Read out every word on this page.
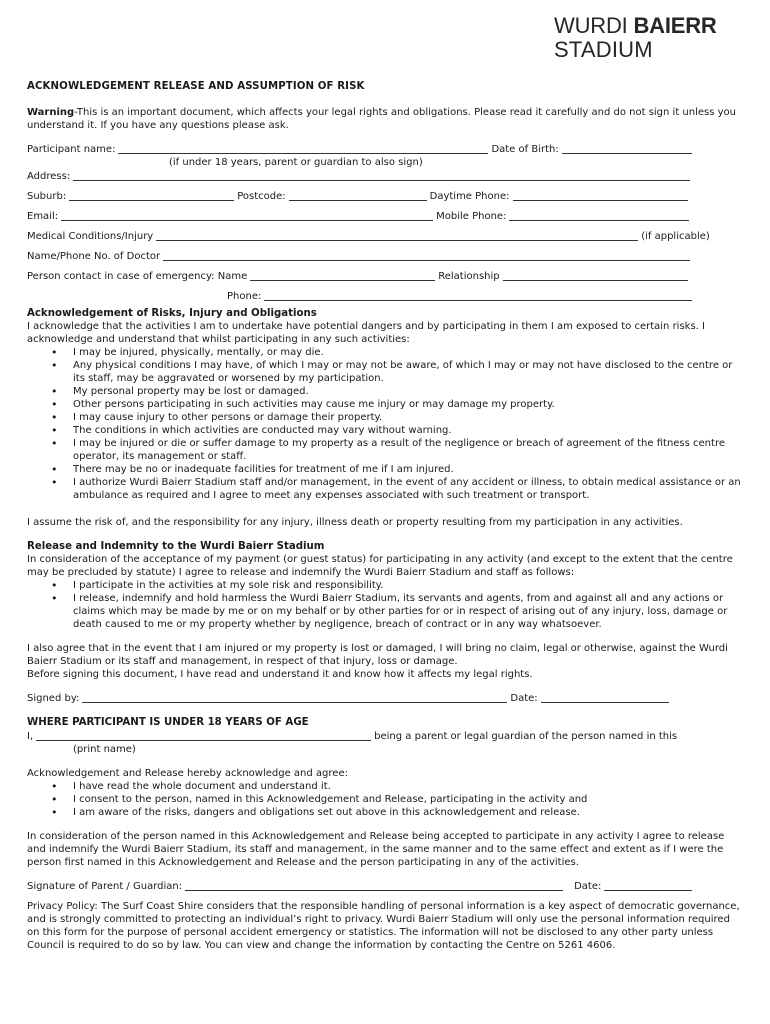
WURDI BAIERR
STADIUM
ACKNOWLEDGEMENT RELEASE AND ASSUMPTION OF RISK

Warning-This is an important document, which affects your legal rights and obligations. Please read it carefully and do not sign it unless you understand it. If you have any questions please ask.

Participant name:	Date of Birth:
(if under 18 years, parent or guardian to also sign)
Address:
Suburb:	Postcode:	Daytime Phone:
Email:	Mobile Phone:
Medical Conditions/Injury	(if applicable)
Name/Phone No. of Doctor
Person contact in case of emergency: Name	Relationship
Phone:
Acknowledgement of Risks, Injury and Obligations

I acknowledge that the activities I am to undertake have potential dangers and by participating in them I am exposed to certain risks. I acknowledge and understand that whilst participating in any such activities:

• I may be injured, physically, mentally, or may die.
• Any physical conditions I may have, of which I may or may not be aware, of which I may or may not have disclosed to the centre or its staff, may be aggravated or worsened by my participation.
• My personal property may be lost or damaged.
• Other persons participating in such activities may cause me injury or may damage my property.
• I may cause injury to other persons or damage their property.
• The conditions in which activities are conducted may vary without warning.
• I may be injured or die or suffer damage to my property as a result of the negligence or breach of agreement of the fitness centre operator, its management or staff.
• There may be no or inadequate facilities for treatment of me if I am injured.
• I authorize Wurdi Baierr Stadium staff and/or management, in the event of any accident or illness, to obtain medical assistance or an ambulance as required and I agree to meet any expenses associated with such treatment or transport.

I assume the risk of, and the responsibility for any injury, illness death or property resulting from my participation in any activities.

Release and Indemnity to the Wurdi Baierr Stadium

In consideration of the acceptance of my payment (or guest status) for participating in any activity (and except to the extent that the centre may be precluded by statute) I agree to release and indemnify the Wurdi Baierr Stadium and staff as follows:

• I participate in the activities at my sole risk and responsibility.
• I release, indemnify and hold harmless the Wurdi Baierr Stadium, its servants and agents, from and against all and any actions or claims which may be made by me or on my behalf or by other parties for or in respect of arising out of any injury, loss, damage or death caused to me or my property whether by negligence, breach of contract or in any way whatsoever.

I also agree that in the event that I am injured or my property is lost or damaged, I will bring no claim, legal or otherwise, against the Wurdi Baierr Stadium or its staff and management, in respect of that injury, loss or damage.

Before signing this document, I have read and understand it and know how it affects my legal rights.

Signed by:	Date:
WHERE PARTICIPANT IS UNDER 18 YEARS OF AGE
I,	being a parent or legal guardian of the person named in this
(print name)

Acknowledgement and Release hereby acknowledge and agree:

• I have read the whole document and understand it.
• I consent to the person, named in this Acknowledgement and Release, participating in the activity and
• I am aware of the risks, dangers and obligations set out above in this acknowledgement and release.

In consideration of the person named in this Acknowledgement and Release being accepted to participate in any activity I agree to release and indemnify the Wurdi Baierr Stadium, its staff and management, in the same manner and to the same effect and extent as if I were the person first named in this Acknowledgement and Release and the person participating in any of the activities.

Signature of Parent / Guardian:	Date:

Privacy Policy: The Surf Coast Shire considers that the responsible handling of personal information is a key aspect of democratic governance, and is strongly committed to protecting an individual’s right to privacy. Wurdi Baierr Stadium will only use the personal information required on this form for the purpose of personal accident emergency or statistics. The information will not be disclosed to any other party unless Council is required to do so by law. You can view and change the information by contacting the Centre on 5261 4606.
